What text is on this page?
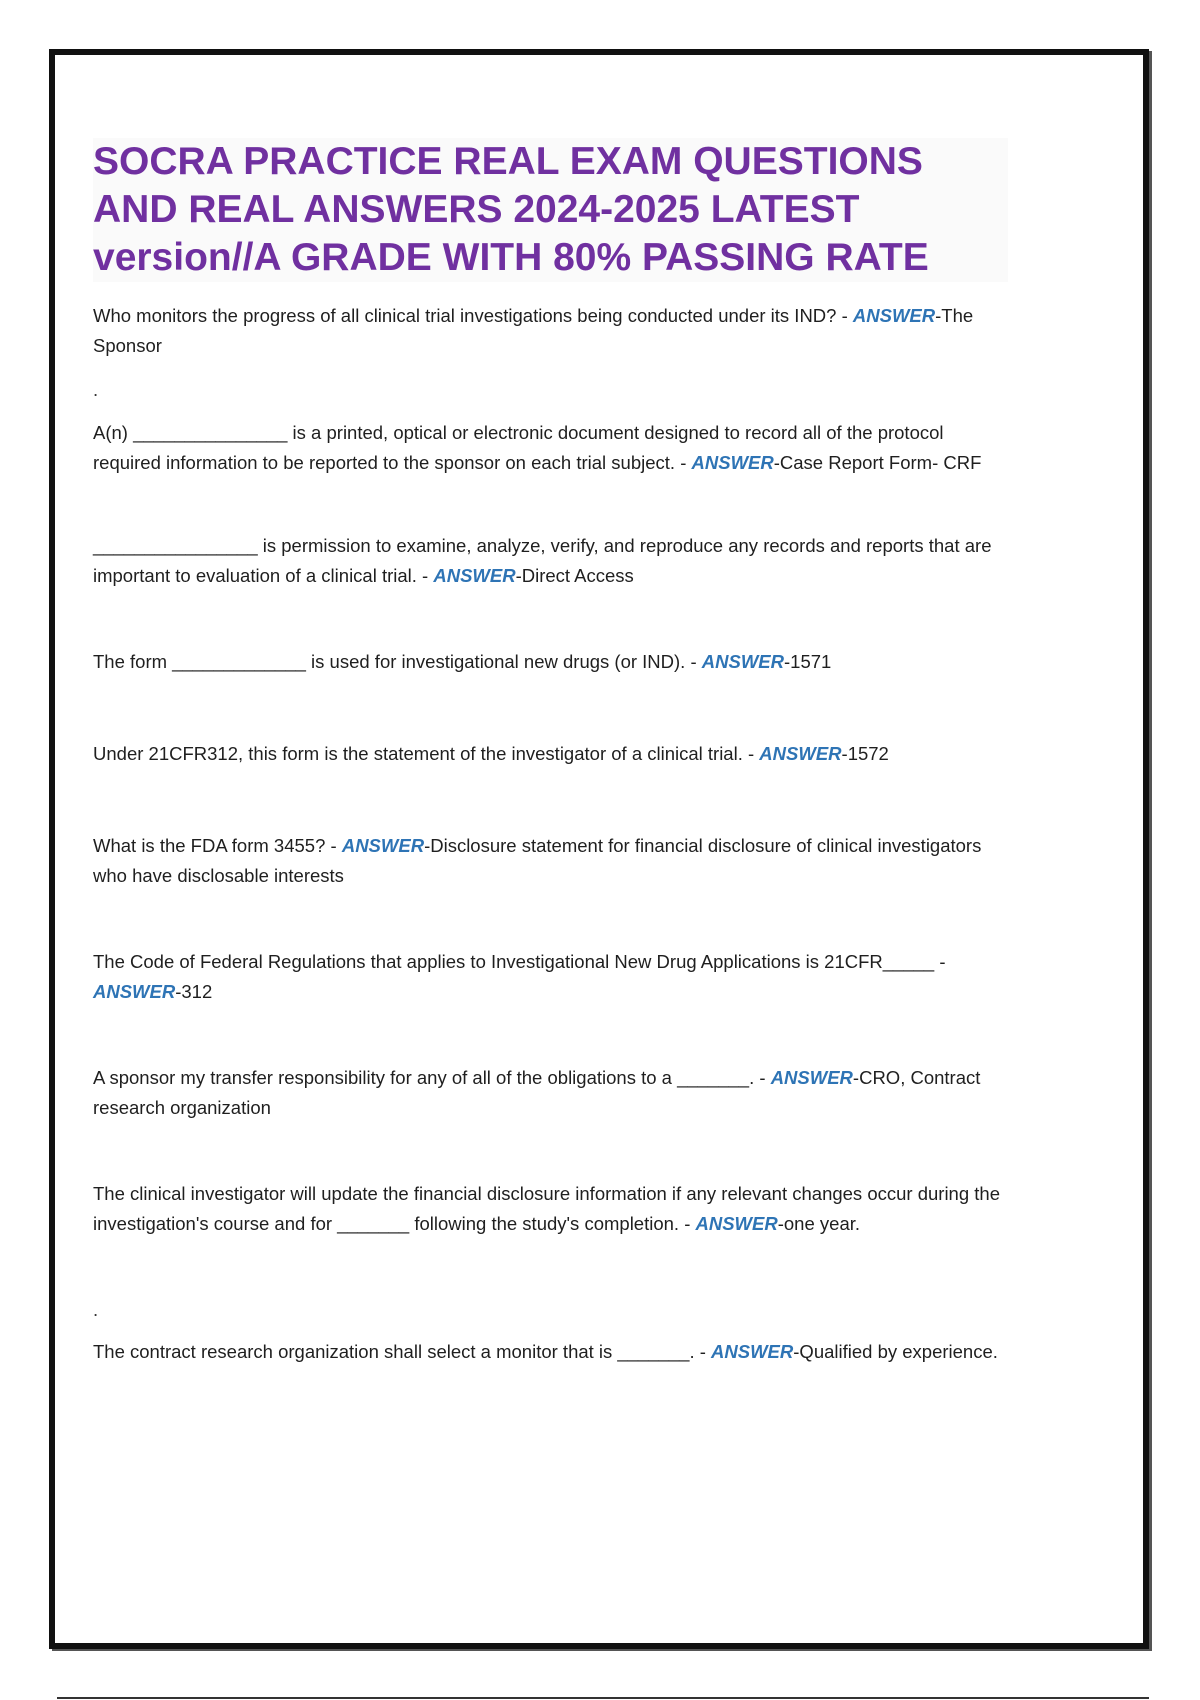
SOCRA PRACTICE REAL EXAM QUESTIONS AND REAL ANSWERS 2024-2025 LATEST version//A GRADE WITH 80% PASSING RATE

Who monitors the progress of all clinical trial investigations being conducted under its IND? - ANSWER-The Sponsor

.

A(n) _______________ is a printed, optical or electronic document designed to record all of the protocol required information to be reported to the sponsor on each trial subject. - ANSWER-Case Report Form- CRF

________________ is permission to examine, analyze, verify, and reproduce any records and reports that are important to evaluation of a clinical trial. - ANSWER-Direct Access

The form _____________ is used for investigational new drugs (or IND). - ANSWER-1571

Under 21CFR312, this form is the statement of the investigator of a clinical trial. - ANSWER-1572

What is the FDA form 3455? - ANSWER-Disclosure statement for financial disclosure of clinical investigators who have disclosable interests

The Code of Federal Regulations that applies to Investigational New Drug Applications is 21CFR_____ - ANSWER-312

A sponsor my transfer responsibility for any of all of the obligations to a _______. - ANSWER-CRO, Contract research organization

The clinical investigator will update the financial disclosure information if any relevant changes occur during the investigation's course and for _______ following the study's completion. - ANSWER-one year.

.

The contract research organization shall select a monitor that is _______. - ANSWER-Qualified by experience.
